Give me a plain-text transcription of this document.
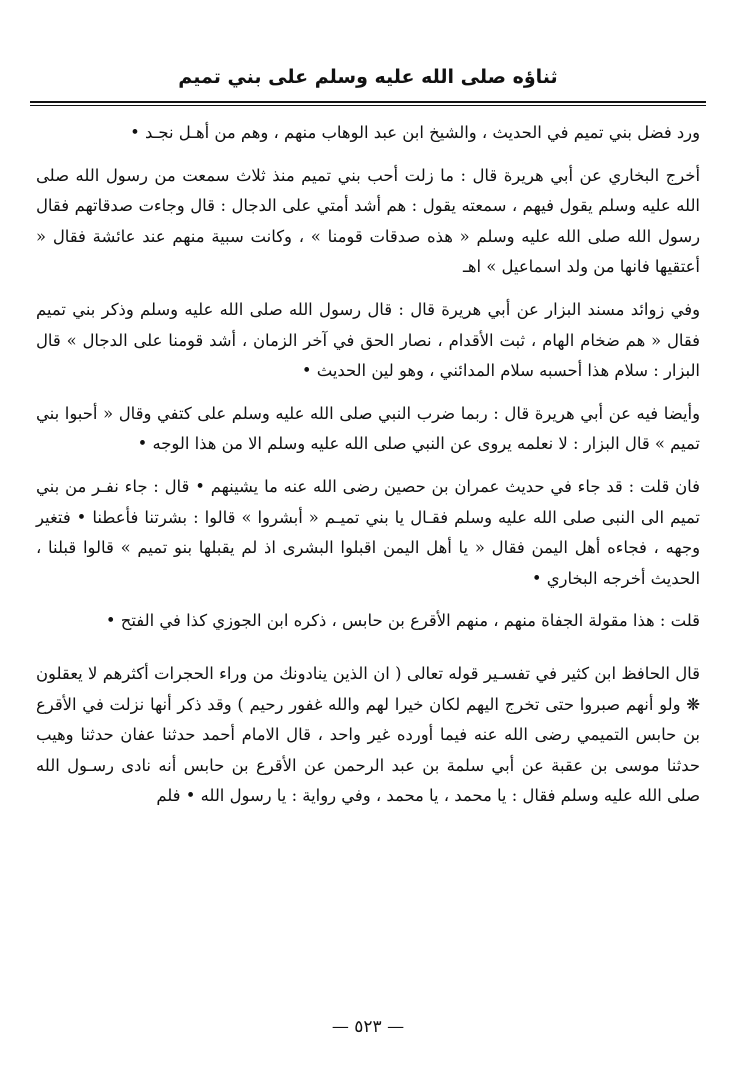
ثناؤه صلى الله عليه وسلم على بني تميم

ورد فضل بني تميم في الحديث ، والشيخ ابن عبد الوهاب منهم ، وهم من أهـل نجـد •

أخرج البخاري عن أبي هريرة قال : ما زلت أحب بني تميم منذ ثلاث سمعت من رسول الله صلى الله عليه وسلم يقول فيهم ، سمعته يقول : هم أشد أمتي على الدجال : قال وجاءت صدقاتهم فقال رسول الله صلى الله عليه وسلم « هذه صدقات قومنا » ، وكانت سبية منهم عند عائشة فقال « أعتقيها فانها من ولد اسماعيل » اهـ

وفي زوائد مسند البزار عن أبي هريرة قال : قال رسول الله صلى الله عليه وسلم وذكر بني تميم فقال « هم ضخام الهام ، ثبت الأقدام ، نصار الحق في آخر الزمان ، أشد قومنا على الدجال » قال البزار : سلام هذا أحسبه سلام المدائني ، وهو لين الحديث •

وأيضا فيه عن أبي هريرة قال : ربما ضرب النبي صلى الله عليه وسلم على كتفي وقال « أحبوا بني تميم » قال البزار : لا نعلمه يروى عن النبي صلى الله عليه وسلم الا من هذا الوجه •

فان قلت : قد جاء في حديث عمران بن حصين رضى الله عنه ما يشينهم • قال : جاء نفـر من بني تميم الى النبى صلى الله عليه وسلم فقـال يا بني تميـم « أبشروا » قالوا : بشرتنا فأعطنا • فتغير وجهه ، فجاءه أهل اليمن فقال « يا أهل اليمن اقبلوا البشرى اذ لم يقبلها بنو تميم » قالوا قبلنا ، الحديث أخرجه البخاري •

قلت : هذا مقولة الجفاة منهم ، منهم الأقرع بن حابس ، ذكره ابن الجوزي كذا في الفتح •

قال الحافظ ابن كثير في تفسـير قوله تعالى ( ان الذين ينادونك من وراء الحجرات أكثرهم لا يعقلون ❋ ولو أنهم صبروا حتى تخرج اليهم لكان خيرا لهم والله غفور رحيم ) وقد ذكر أنها نزلت في الأقرع بن حابس التميمي رضى الله عنه فيما أورده غير واحد ، قال الامام أحمد حدثنا عفان حدثنا وهيب حدثنا موسى بن عقبة عن أبي سلمة بن عبد الرحمن عن الأقرع بن حابس أنه نادى رسـول الله صلى الله عليه وسلم فقال : يا محمد ، يا محمد ، وفي رواية : يا رسول الله • فلم

— ٥٢٣ —
